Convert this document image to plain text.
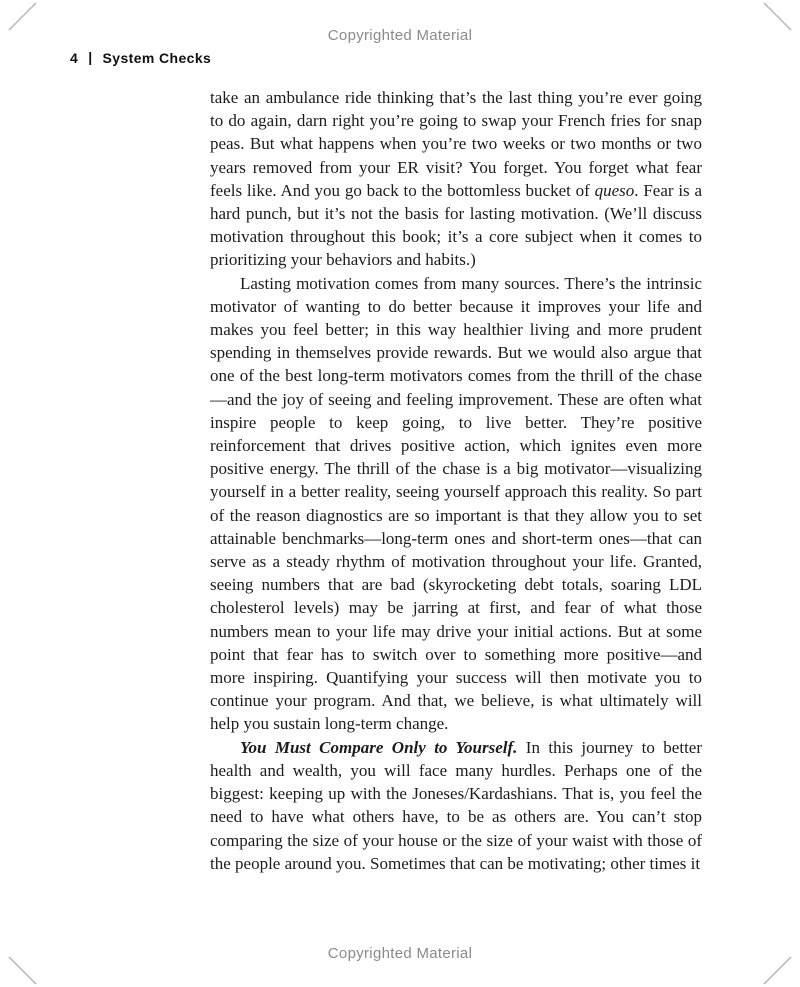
Copyrighted Material
4 | System Checks

take an ambulance ride thinking that’s the last thing you’re ever going to do again, darn right you’re going to swap your French fries for snap peas. But what happens when you’re two weeks or two months or two years removed from your ER visit? You forget. You forget what fear feels like. And you go back to the bottomless bucket of queso. Fear is a hard punch, but it’s not the basis for lasting motivation. (We’ll discuss motivation throughout this book; it’s a core subject when it comes to prioritizing your behaviors and habits.)

Lasting motivation comes from many sources. There’s the intrinsic motivator of wanting to do better because it improves your life and makes you feel better; in this way healthier living and more prudent spending in themselves provide rewards. But we would also argue that one of the best long-term motivators comes from the thrill of the chase—and the joy of seeing and feeling improvement. These are often what inspire people to keep going, to live better. They’re positive reinforcement that drives positive action, which ignites even more positive energy. The thrill of the chase is a big motivator—visualizing yourself in a better reality, seeing yourself approach this reality. So part of the reason diagnostics are so important is that they allow you to set attainable benchmarks—long-term ones and short-term ones—that can serve as a steady rhythm of motivation throughout your life. Granted, seeing numbers that are bad (skyrocketing debt totals, soaring LDL cholesterol levels) may be jarring at first, and fear of what those numbers mean to your life may drive your initial actions. But at some point that fear has to switch over to something more positive—and more inspiring. Quantifying your success will then motivate you to continue your program. And that, we believe, is what ultimately will help you sustain long-term change.

You Must Compare Only to Yourself. In this journey to better health and wealth, you will face many hurdles. Perhaps one of the biggest: keeping up with the Joneses/Kardashians. That is, you feel the need to have what others have, to be as others are. You can’t stop comparing the size of your house or the size of your waist with those of the people around you. Sometimes that can be motivating; other times it

Copyrighted Material
